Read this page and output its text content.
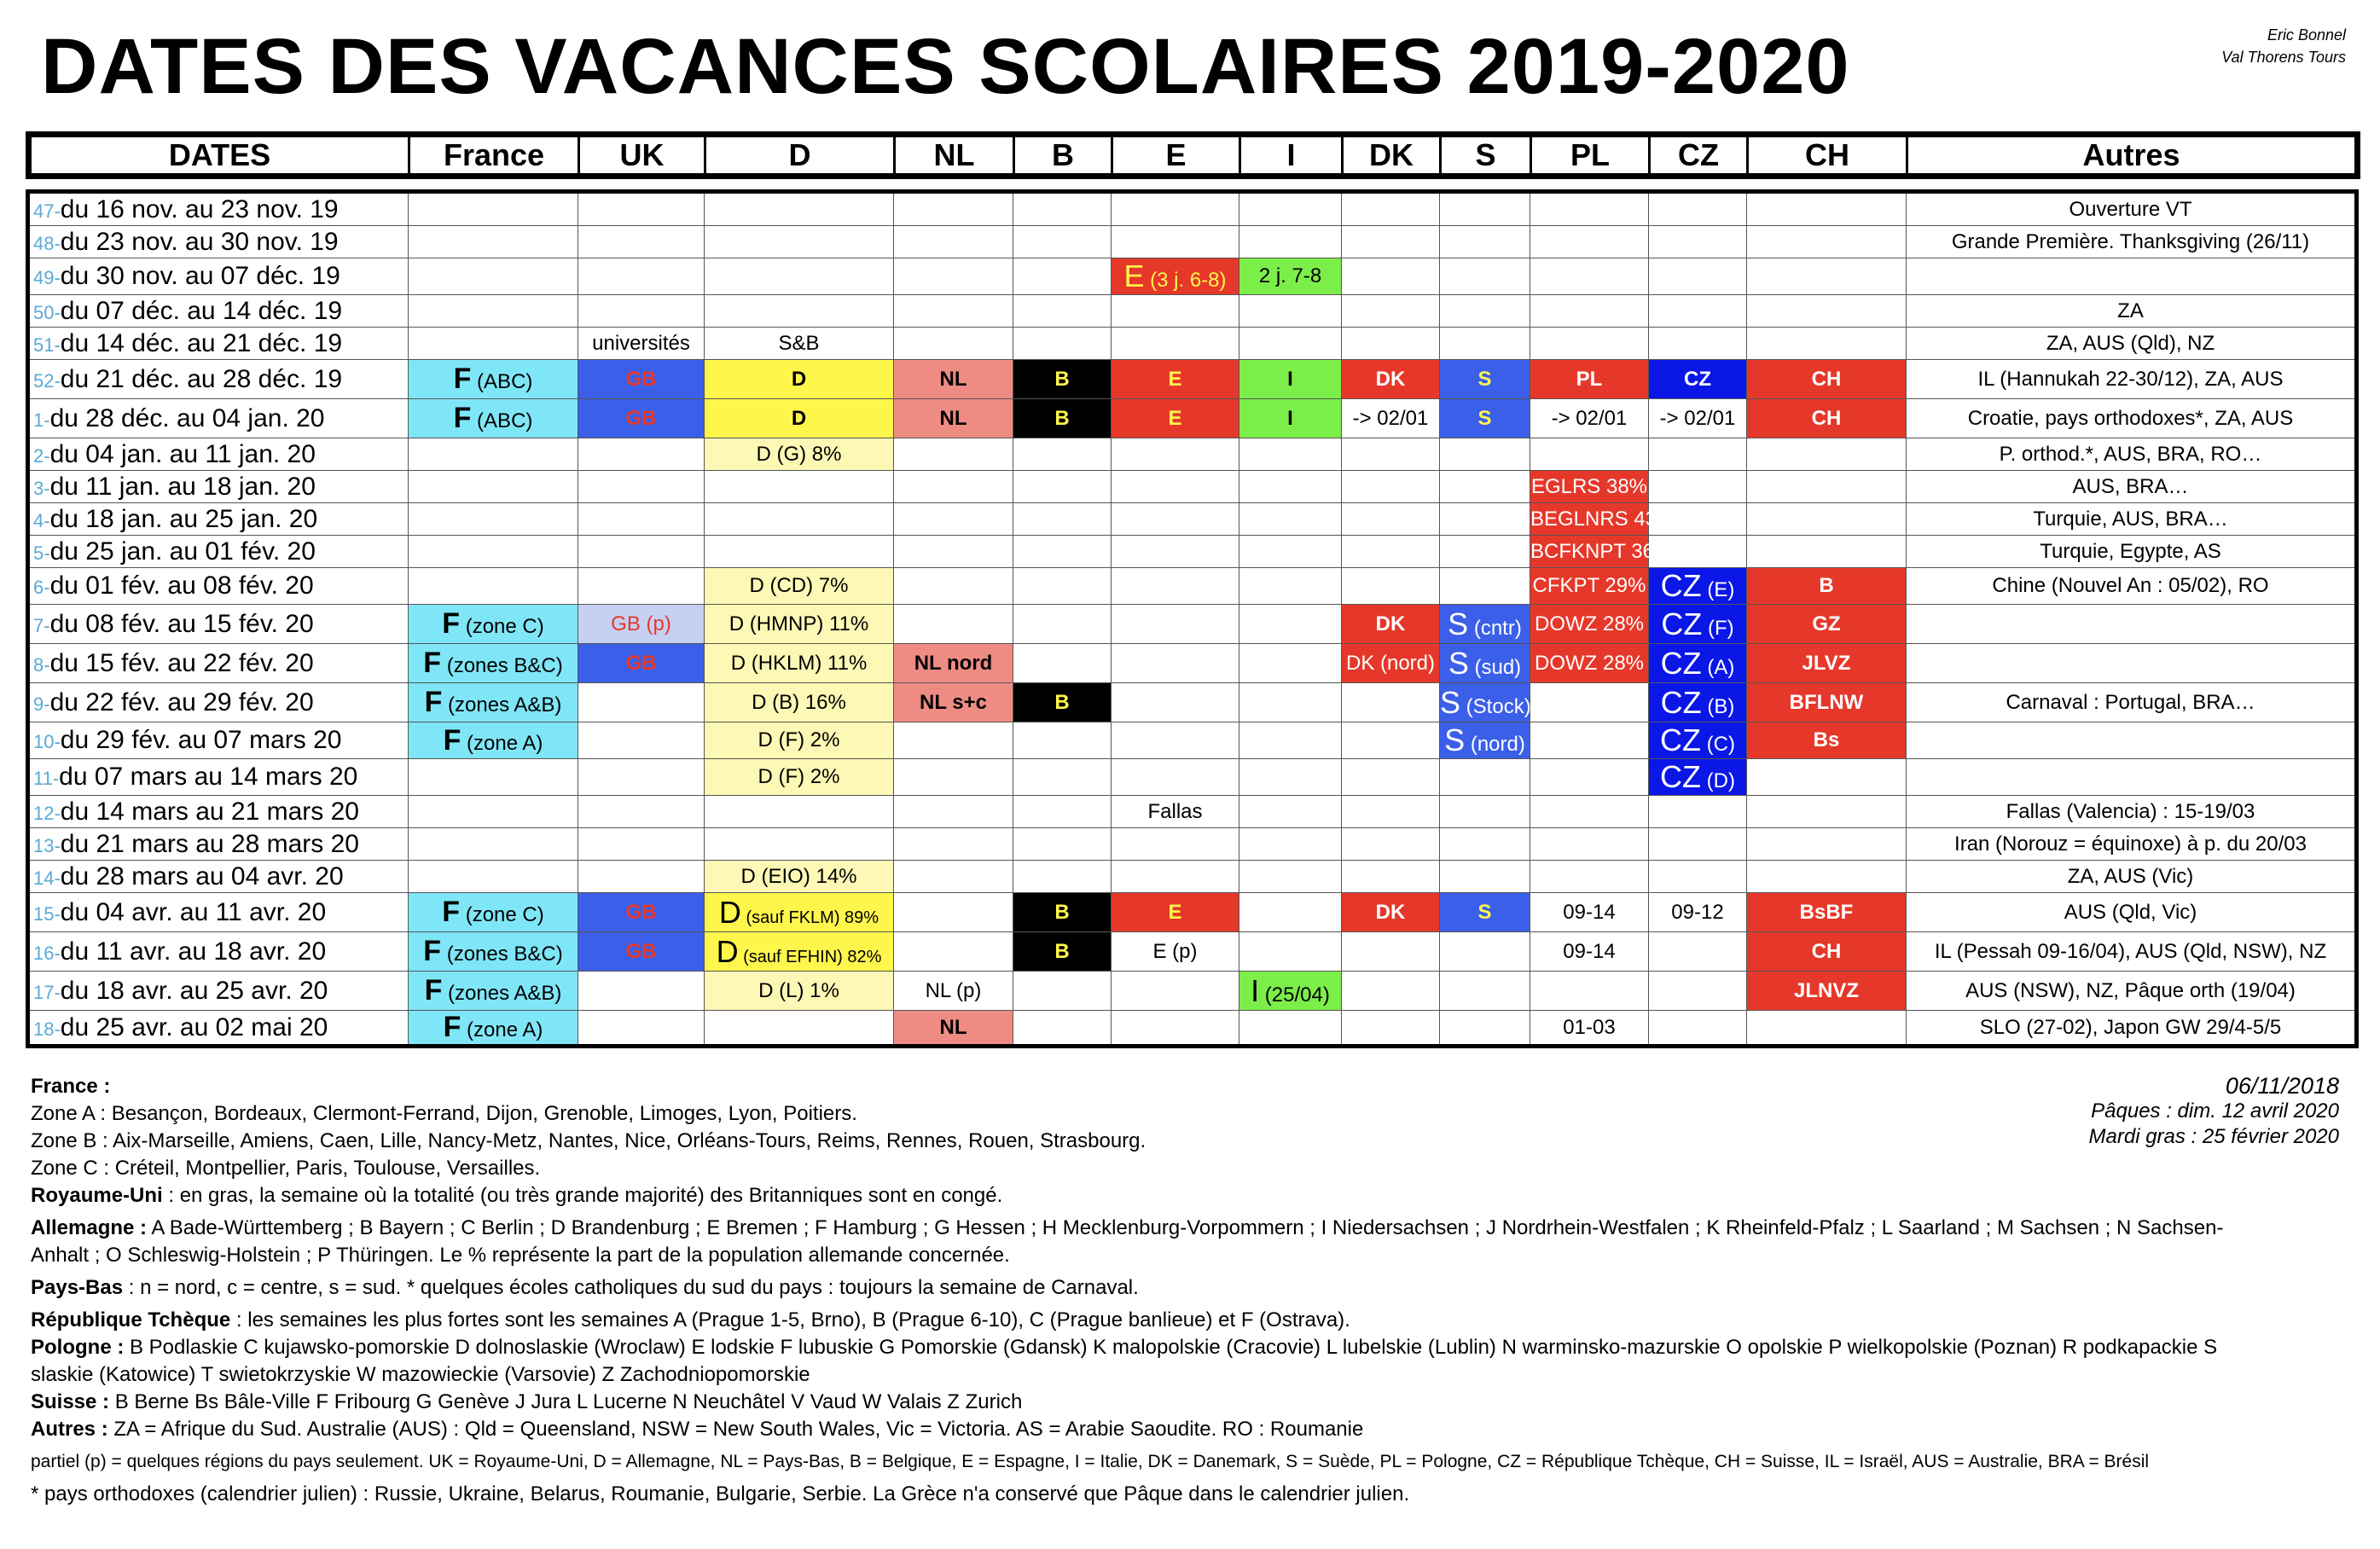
DATES DES VACANCES SCOLAIRES 2019-2020	Eric Bonnel
Val Thorens Tours
DATES	France	UK	D	NL	B	E	I	DK	S	PL	CZ	CH	Autres
47-du 16 nov. au 23 nov. 19													Ouverture VT
48-du 23 nov. au 30 nov. 19													Grande Première. Thanksgiving (26/11)
49-du 30 nov. au 07 déc. 19						E (3 j. 6-8)	2 j. 7-8						
50-du 07 déc. au 14 déc. 19													ZA
51-du 14 déc. au 21 déc. 19		universités	S&B										ZA, AUS (Qld), NZ
52-du 21 déc. au 28 déc. 19	F (ABC)	GB	D	NL	B	E	I	DK	S	PL	CZ	CH	IL (Hannukah 22-30/12), ZA, AUS
1-du 28 déc. au 04 jan. 20	F (ABC)	GB	D	NL	B	E	I	-> 02/01	S	-> 02/01	-> 02/01	CH	Croatie, pays orthodoxes*, ZA, AUS
2-du 04 jan. au 11 jan. 20			D (G) 8%										P. orthod.*, AUS, BRA, RO…
3-du 11 jan. au 18 jan. 20										EGLRS 38%			AUS, BRA…
4-du 18 jan. au 25 jan. 20										BEGLNRS 43%			Turquie, AUS, BRA…
5-du 25 jan. au 01 fév. 20										BCFKNPT 36%			Turquie, Egypte, AS
6-du 01 fév. au 08 fév. 20			D (CD) 7%							CFKPT 29%	CZ (E)	B	Chine (Nouvel An : 05/02), RO
7-du 08 fév. au 15 fév. 20	F (zone C)	GB (p)	D (HMNP) 11%					DK	S (cntr)	DOWZ 28%	CZ (F)	GZ	
8-du 15 fév. au 22 fév. 20	F (zones B&C)	GB	D (HKLM) 11%	NL nord				DK (nord)	S (sud)	DOWZ 28%	CZ (A)	JLVZ	
9-du 22 fév. au 29 fév. 20	F (zones A&B)		D (B) 16%	NL s+c	B				S (Stock)		CZ (B)	BFLNW	Carnaval : Portugal, BRA…
10-du 29 fév. au 07 mars 20	F (zone A)		D (F) 2%						S (nord)		CZ (C)	Bs	
11-du 07 mars au 14 mars 20			D (F) 2%								CZ (D)		
12-du 14 mars au 21 mars 20						Fallas							Fallas (Valencia) : 15-19/03
13-du 21 mars au 28 mars 20													Iran (Norouz = équinoxe) à p. du 20/03
14-du 28 mars au 04 avr. 20			D (EIO) 14%										ZA, AUS (Vic)
15-du 04 avr. au 11 avr. 20	F (zone C)	GB	D (sauf FKLM) 89%		B	E		DK	S	09-14	09-12	BsBF	AUS (Qld, Vic)
16-du 11 avr. au 18 avr. 20	F (zones B&C)	GB	D (sauf EFHIN) 82%		B	E (p)				09-14		CH	IL (Pessah 09-16/04), AUS (Qld, NSW), NZ
17-du 18 avr. au 25 avr. 20	F (zones A&B)		D (L) 1%	NL (p)			I (25/04)					JLNVZ	AUS (NSW), NZ, Pâque orth (19/04)
18-du 25 avr. au 02 mai 20	F (zone A)			NL						01-03			SLO (27-02), Japon GW 29/4-5/5

France :

Zone A : Besançon, Bordeaux, Clermont-Ferrand, Dijon, Grenoble, Limoges, Lyon, Poitiers.

Zone B : Aix-Marseille, Amiens, Caen, Lille, Nancy-Metz, Nantes, Nice, Orléans-Tours, Reims, Rennes, Rouen, Strasbourg.

Zone C : Créteil, Montpellier, Paris, Toulouse, Versailles.

Royaume-Uni : en gras, la semaine où la totalité (ou très grande majorité) des Britanniques sont en congé.

Allemagne : A Bade-Württemberg ; B Bayern ; C Berlin ; D Brandenburg ; E Bremen ; F Hamburg ; G Hessen ; H Mecklenburg-Vorpommern ; I Niedersachsen ; J Nordrhein-Westfalen ; K Rheinfeld-Pfalz ; L Saarland ; M Sachsen ; N Sachsen-

Anhalt ; O Schleswig-Holstein ; P Thüringen. Le % représente la part de la population allemande concernée.

Pays-Bas : n = nord, c = centre, s = sud. * quelques écoles catholiques du sud du pays : toujours la semaine de Carnaval.

République Tchèque : les semaines les plus fortes sont les semaines A (Prague 1-5, Brno), B (Prague 6-10), C (Prague banlieue) et F (Ostrava).

Pologne : B Podlaskie C kujawsko-pomorskie D dolnoslaskie (Wroclaw) E lodskie F lubuskie G Pomorskie (Gdansk) K malopolskie (Cracovie) L lubelskie (Lublin) N warminsko-mazurskie O opolskie P wielkopolskie (Poznan) R podkapackie S

slaskie (Katowice) T swietokrzyskie W mazowieckie (Varsovie) Z Zachodniopomorskie

Suisse : B Berne Bs Bâle-Ville F Fribourg G Genève J Jura L Lucerne N Neuchâtel V Vaud W Valais Z Zurich

Autres : ZA = Afrique du Sud. Australie (AUS) : Qld = Queensland, NSW = New South Wales, Vic = Victoria. AS = Arabie Saoudite. RO : Roumanie

partiel (p) = quelques régions du pays seulement. UK = Royaume-Uni, D = Allemagne, NL = Pays-Bas, B = Belgique, E = Espagne, I = Italie, DK = Danemark, S = Suède, PL = Pologne, CZ = République Tchèque, CH = Suisse, IL = Israël, AUS = Australie, BRA = Brésil

* pays orthodoxes (calendrier julien) : Russie, Ukraine, Belarus, Roumanie, Bulgarie, Serbie. La Grèce n'a conservé que Pâque dans le calendrier julien.

06/11/2018
Pâques : dim. 12 avril 2020
Mardi gras : 25 février 2020
